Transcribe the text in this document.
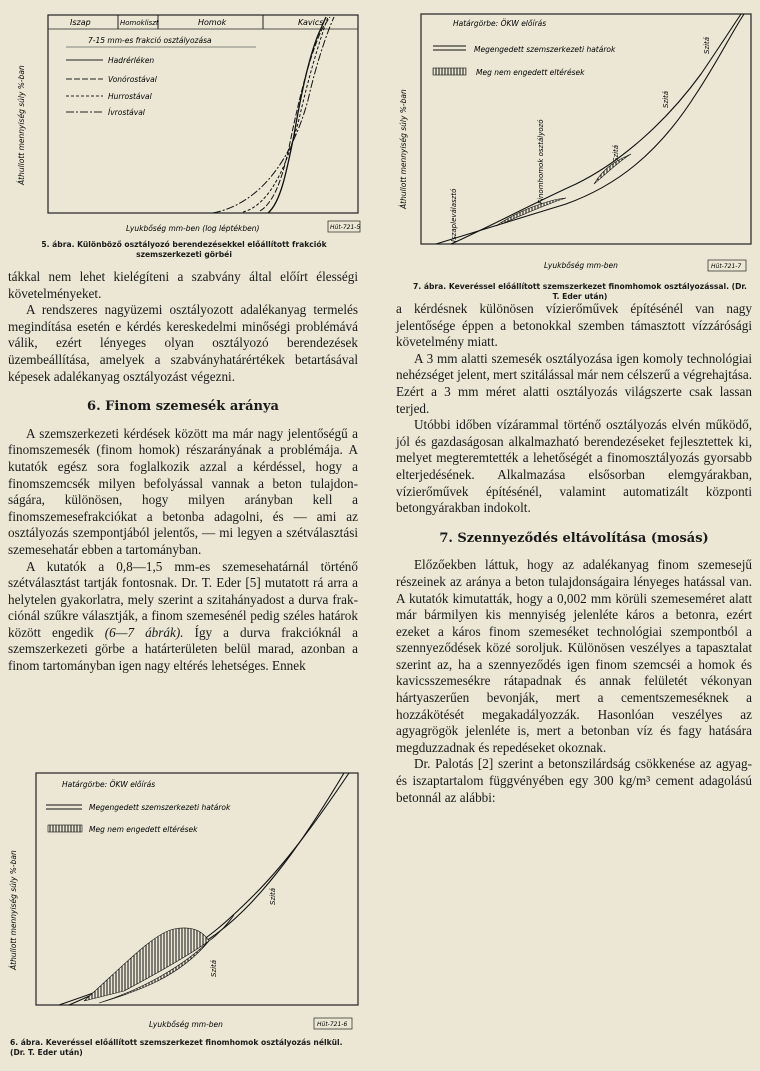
Iszap	Homokliszt	Homok	Kavics
7-15 mm-es frakció osztályozása
Hadrérléken
Vonórostával
Hurrostával
Ívrostával
Áthullott mennyiség súly %-ban
Lyukbőség mm-ben (log léptékben)	Hüt-721-5
5. ábra. Különböző osztályozó berendezésekkel előállított frakciók szemszerkezeti görbéi
Határgörbe: ÖKW előírás
Megengedett szemszerkezeti határok
Meg nem engedett eltérések
Iszapleválasztó
Finomhomok osztályozó	Szitá
Szitá
Szitá
Áthullott mennyiség súly %-ban
Lyukbőség mm-ben	Hüt-721-7
7. ábra. Keveréssel előállított szemszerkezet finomhomok osztályozással. (Dr. T. Eder után)
Határgörbe: ÖKW előírás
Megengedett szemszerkezeti határok
Meg nem engedett eltérések
Szitá
Szitá
Áthullott mennyiség súly %-ban
Lyukbőség mm-ben	Hüt-721-6
6. ábra. Keveréssel előállított szemszerkezet finomhomok osztályozás nélkül. (Dr. T. Eder után)

tákkal nem lehet kielégíteni a szabvány által előírt élességi követelményeket.

A rendszeres nagyüzemi osztályozott adalékanyag termelés megindítása esetén e kérdés kereskedelmi minőségi problémává válik, ezért lényeges olyan osztályozó berendezések üzembeállítása, amelyek a szabványhatárértékek betartásával képesek adalékanyag osztályozást végezni.

6. Finom szemesék aránya

A szemszerkezeti kérdések között ma már nagy jelentőségű a finomszemesék (finom homok) részarányának a problémája. A kutatók egész sora foglalkozik azzal a kérdéssel, hogy a finomszemcsék milyen befolyással vannak a beton tulajdonságára, különösen, hogy milyen arányban kell a finomszemesefrakciókat a betonba adagolni, és — ami az osztályozás szempontjából jelentős, — mi legyen a szétválasztási szemesehatár ebben a tartományban.

A kutatók a 0,8—1,5 mm-es szemesehatárnál történő szétválasztást tartják fontosnak. Dr. T. Eder [5] mutatott rá arra a helytelen gyakorlatra, mely szerint a szitahányadost a durva frakciónál szűkre választják, a finom szemesénél pedig széles határok között engedik (6—7 ábrák). Így a durva frakcióknál a szemszerkezeti görbe a határterületen belül marad, azonban a finom tartományban igen nagy eltérés lehetséges. Ennek

a kérdésnek különösen vízierőművek építésénél van nagy jelentősége éppen a betonokkal szemben támasztott vízzárósági követelmény miatt.

A 3 mm alatti szemesék osztályozása igen komoly technológiai nehézséget jelent, mert szitálással már nem célszerű a végrehajtása. Ezért a 3 mm méret alatti osztályozás világszerte csak lassan terjed.

Utóbbi időben vízárammal történő osztályozás elvén működő, jól és gazdaságosan alkalmazható berendezéseket fejlesztettek ki, melyet megteremtették a lehetőségét a finomosztályozás gyorsabb elterjedésének. Alkalmazása elsősorban elemgyárakban, vízierőművek építésénél, valamint automatizált központi betongyárakban indokolt.

7. Szennyeződés eltávolítása (mosás)

Előzőekben láttuk, hogy az adalékanyag finom szemesejű részeinek az aránya a beton tulajdonságaira lényeges hatással van. A kutatók kimutatták, hogy a 0,002 mm körüli szemeseméret alatt már bármilyen kis mennyiség jelenléte káros a betonra, ezért ezeket a káros finom szemeséket technológiai szempontból a szennyeződések közé soroljuk. Különösen veszélyes a tapasztalat szerint az, ha a szennyeződés igen finom szemcséi a homok és kavicsszemesékre rátapadnak és annak felületét vékonyan hártyaszerűen bevonják, mert a cementszemeséknek a hozzákötését megakadályozzák. Hasonlóan veszélyes az agyagrögök jelenléte is, mert a betonban víz és fagy hatására megduzzadnak és repedéseket okoznak.

Dr. Palotás [2] szerint a betonszilárdság csökkenése az agyag- és iszaptartalom függvényében egy 300 kg/m³ cement adagolású betonnál az alábbi:
